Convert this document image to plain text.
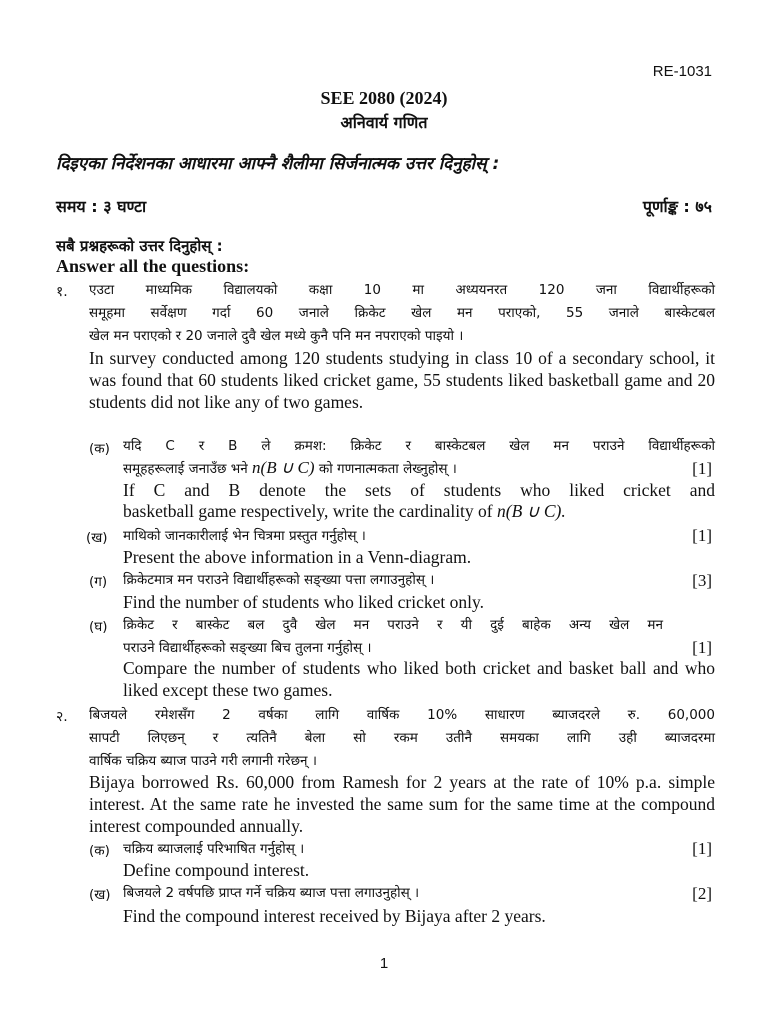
RE-1031
SEE 2080 (2024)
अनिवार्य गणित
दिइएका निर्देशनका आधारमा आफ्नै शैलीमा सिर्जनात्मक उत्तर दिनुहोस् :
समय : ३ घण्टा	पूर्णाङ्क : ७५
सबै प्रश्नहरूको उत्तर दिनुहोस् :
Answer all the questions:
१. एउटा माध्यमिक विद्यालयको कक्षा 10 मा अध्ययनरत 120 जना विद्यार्थीहरूको
समूहमा सर्वेक्षण गर्दा 60 जनाले क्रिकेट खेल मन पराएको, 55 जनाले बास्केटबल
खेल मन पराएको र 20 जनाले दुवै खेल मध्ये कुनै पनि मन नपराएको पाइयो ।
In survey conducted among 120 students studying in class 10 of a secondary school, it was found that 60 students liked cricket game, 55 students liked basketball game and 20 students did not like any of two games.
(क) यदि C र B ले क्रमश: क्रिकेट र बास्केटबल खेल मन पराउने विद्यार्थीहरूको
समूहहरूलाई जनाउँछ भने n(B ∪ C) को गणनात्मकता लेख्नुहोस् ।	[1]
If C and B denote the sets of students who liked cricket and
basketball game respectively, write the cardinality of n(B ∪ C).
(ख) माथिको जानकारीलाई भेन चित्रमा प्रस्तुत गर्नुहोस् ।	[1]
Present the above information in a Venn-diagram.
(ग) क्रिकेटमात्र मन पराउने विद्यार्थीहरूको सङ्ख्या पत्ता लगाउनुहोस् ।	[3]
Find the number of students who liked cricket only.
(घ) क्रिकेट र बास्केट बल दुवै खेल मन पराउने र यी दुई बाहेक अन्य खेल मन
पराउने विद्यार्थीहरूको सङ्ख्या बिच तुलना गर्नुहोस् ।	[1]
Compare the number of students who liked both cricket and basket ball and who liked except these two games.
२. बिजयले रमेशसँग 2 वर्षका लागि वार्षिक 10% साधारण ब्याजदरले रु. 60,000
सापटी लिएछन् र त्यतिनै बेला सो रकम उतीनै समयका लागि उही ब्याजदरमा
वार्षिक चक्रिय ब्याज पाउने गरी लगानी गरेछन् ।
Bijaya borrowed Rs. 60,000 from Ramesh for 2 years at the rate of 10% p.a. simple interest. At the same rate he invested the same sum for the same time at the compound interest compounded annually.
(क) चक्रिय ब्याजलाई परिभाषित गर्नुहोस् ।	[1]
Define compound interest.
(ख) बिजयले 2 वर्षपछि प्राप्त गर्ने चक्रिय ब्याज पत्ता लगाउनुहोस् ।	[2]
Find the compound interest received by Bijaya after 2 years.
1
